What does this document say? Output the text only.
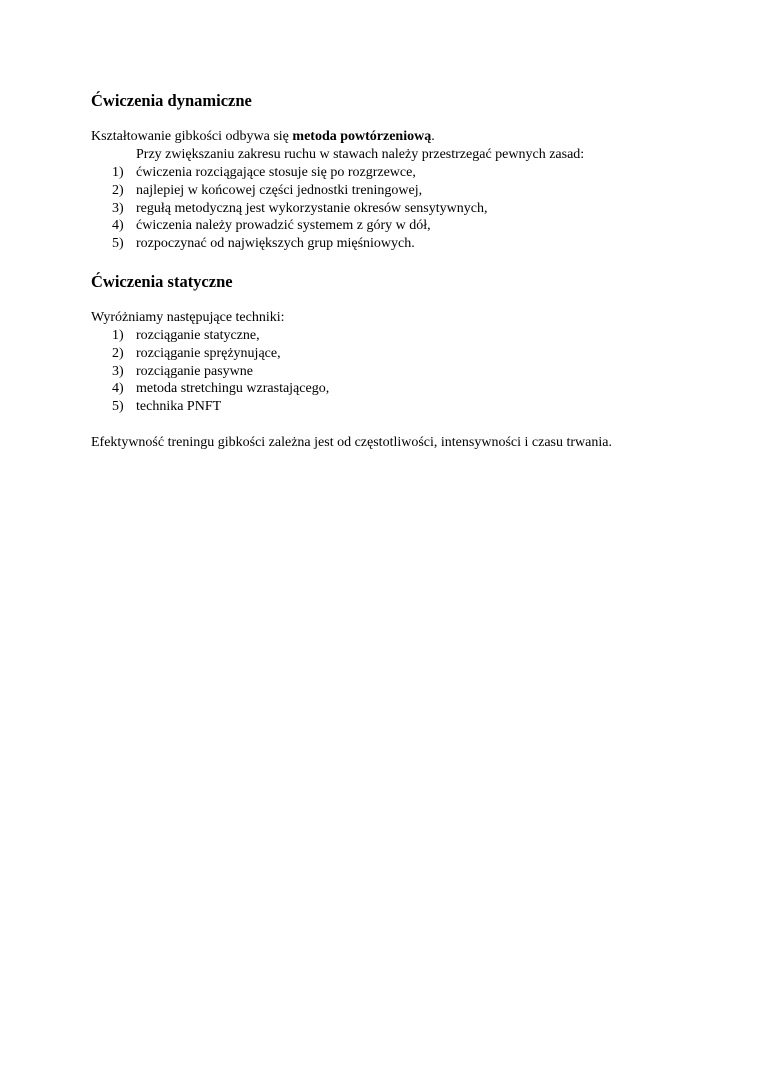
Ćwiczenia dynamiczne

Kształtowanie gibkości odbywa się metoda powtórzeniową.

Przy zwiększaniu zakresu ruchu w stawach należy przestrzegać pewnych zasad:

1) ćwiczenia rozciągające stosuje się po rozgrzewce,
2) najlepiej w końcowej części jednostki treningowej,
3) regułą metodyczną jest wykorzystanie okresów sensytywnych,
4) ćwiczenia należy prowadzić systemem z góry w dół,
5) rozpoczynać od największych grup mięśniowych.
Ćwiczenia statyczne

Wyróżniamy następujące techniki:

1) rozciąganie statyczne,
2) rozciąganie sprężynujące,
3) rozciąganie pasywne
4) metoda stretchingu wzrastającego,
5) technika PNFT

Efektywność treningu gibkości zależna jest od częstotliwości, intensywności i czasu trwania.
